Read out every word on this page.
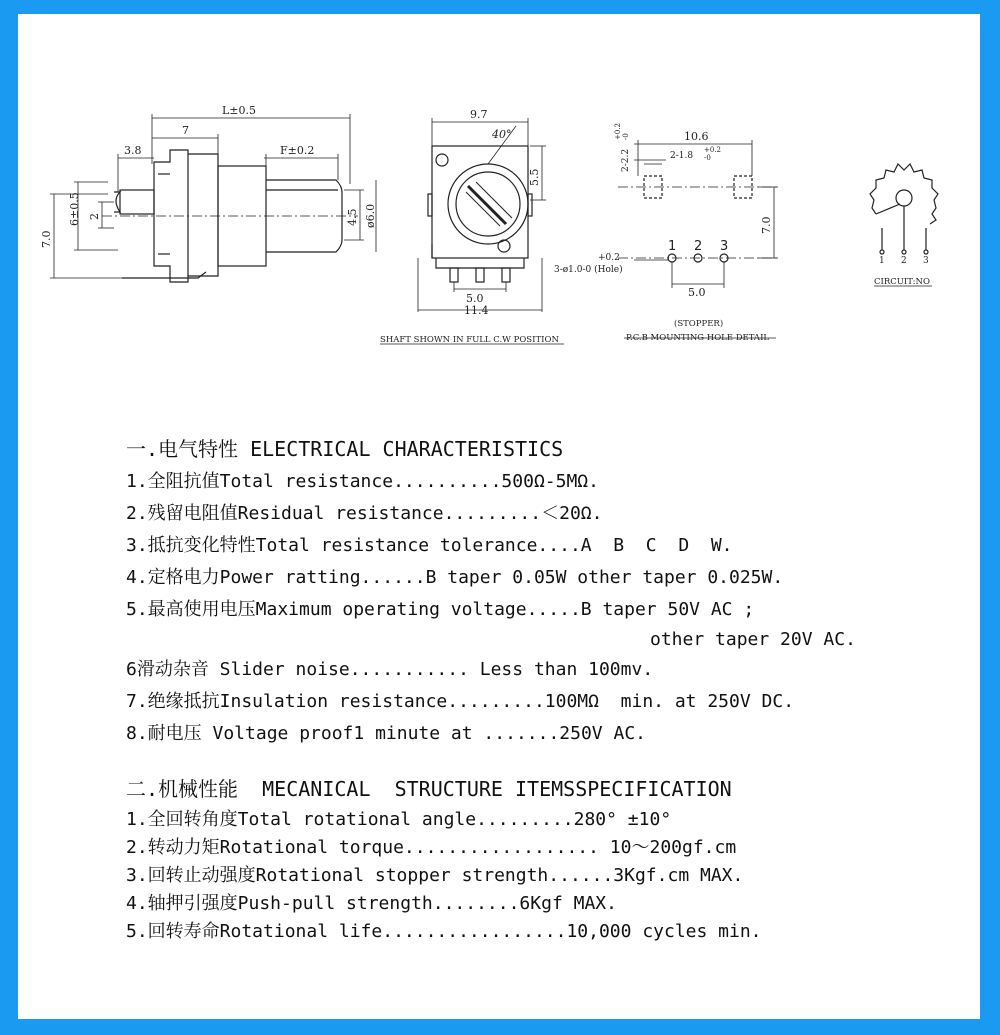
L±0.5
7
3.8	F±0.2
6±0.5 2
7.0
4.5 ø6.0
9.7
40°
5.5
5.0
11.4
SHAFT SHOWN IN FULL C.W POSITION
10.6
2-2.2
+0.2 -0
2-1.8
+0.2
-0
7.0
3-ø1.0-0 (Hole)
+0.2
1 2 3
5.0
(STOPPER)
P.C.B MOUNTING HOLE DETAIL
1 2 3
CIRCUIT:NO
一.电气特性 ELECTRICAL CHARACTERISTICS
1.全阻抗值Total resistance..........500Ω-5MΩ.
2.残留电阻值Residual resistance.........＜20Ω.
3.抵抗变化特性Total resistance tolerance....A  B  C  D  W.
4.定格电力Power ratting......B taper 0.05W other taper 0.025W.
5.最高使用电压Maximum operating voltage.....B taper 50V AC ;
other taper 20V AC.
6滑动杂音 Slider noise........... Less than 100mv.
7.绝缘抵抗Insulation resistance.........100MΩ  min. at 250V DC.
8.耐电压 Voltage proof1 minute at .......250V AC.
二.机械性能  MECANICAL  STRUCTURE ITEMSSPECIFICATION
1.全回转角度Total rotational angle.........280° ±10°
2.转动力矩Rotational torque.................. 10～200gf.cm
3.回转止动强度Rotational stopper strength......3Kgf.cm MAX.
4.轴押引强度Push-pull strength........6Kgf MAX.
5.回转寿命Rotational life.................10,000 cycles min.
